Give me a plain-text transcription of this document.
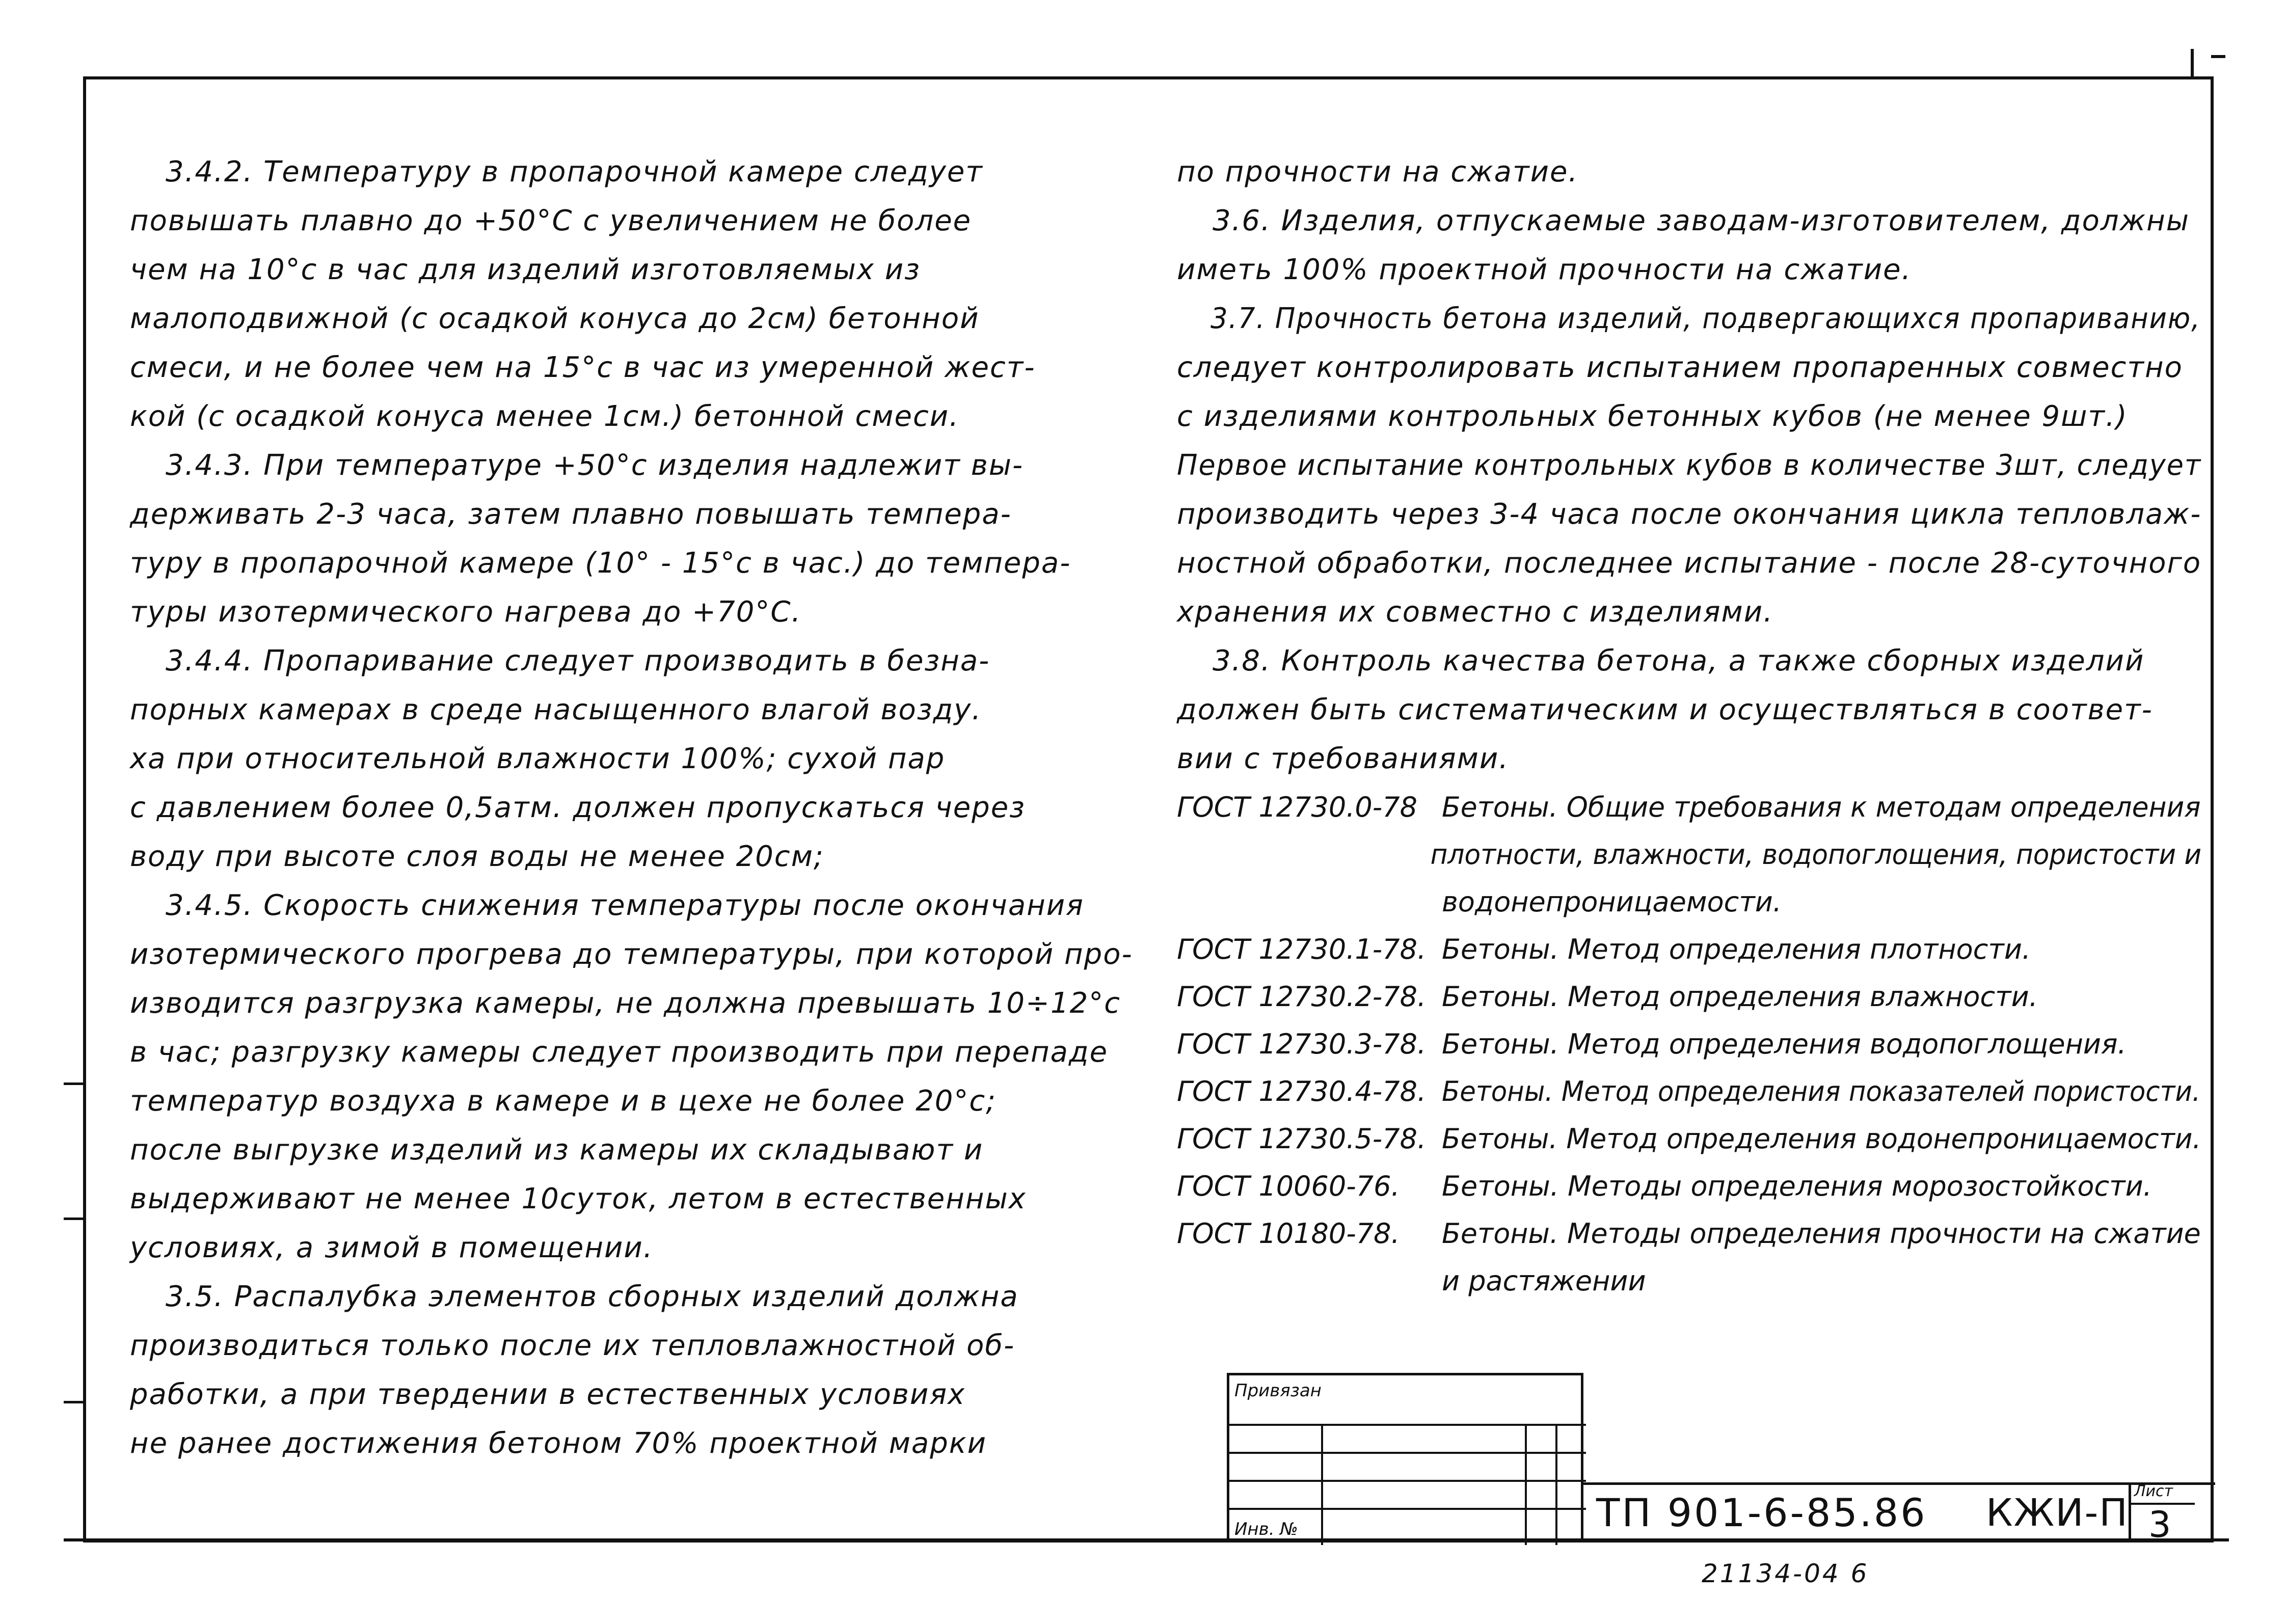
3.4.2. Температуру в пропарочной камере следует
повышать плавно до +50°С с увеличением не более
чем на 10°с в час для изделий изготовляемых из
малоподвижной (с осадкой конуса до 2см) бетонной
смеси, и не более чем на 15°с в час из умеренной жест-
кой (с осадкой конуса менее 1см.) бетонной смеси.
3.4.3. При температуре +50°с изделия надлежит вы-
держивать 2-3 часа, затем плавно повышать темпера-
туру в пропарочной камере (10° - 15°с в час.) до темпера-
туры изотермического нагрева до +70°С.
3.4.4. Пропаривание следует производить в безна-
порных камерах в среде насыщенного влагой возду.
ха при относительной влажности 100%; сухой пар
с давлением более 0,5атм. должен пропускаться через
воду при высоте слоя воды не менее 20см;
3.4.5. Скорость снижения температуры после окончания
изотермического прогрева до температуры, при которой про-
изводится разгрузка камеры, не должна превышать 10÷12°с
в час; разгрузку камеры следует производить при перепаде
температур воздуха в камере и в цехе не более 20°с;
после выгрузке изделий из камеры их складывают и
выдерживают не менее 10суток, летом в естественных
условиях, а зимой в помещении.
3.5. Распалубка элементов сборных изделий должна
производиться только после их тепловлажностной об-
работки, а при твердении в естественных условиях
не ранее достижения бетоном 70% проектной марки
по прочности на сжатие.
3.6. Изделия, отпускаемые заводам-изготовителем, должны
иметь 100% проектной прочности на сжатие.
3.7. Прочность бетона изделий, подвергающихся пропариванию,
следует контролировать испытанием пропаренных совместно
с изделиями контрольных бетонных кубов (не менее 9шт.)
Первое испытание контрольных кубов в количестве 3шт, следует
производить через 3-4 часа после окончания цикла тепловлаж-
ностной обработки, последнее испытание - после 28-суточного
хранения их совместно с изделиями.
3.8. Контроль качества бетона, а также сборных изделий
должен быть систематическим и осуществляться в соответ-
вии с требованиями.
ГОСТ 12730.0-78 Бетоны. Общие требования к методам определения
плотности, влажности, водопоглощения, пористости и
водонепроницаемости.
ГОСТ 12730.1-78. Бетоны. Метод определения плотности.
ГОСТ 12730.2-78. Бетоны. Метод определения влажности.
ГОСТ 12730.3-78. Бетоны. Метод определения водопоглощения.
ГОСТ 12730.4-78. Бетоны. Метод определения показателей пористости.
ГОСТ 12730.5-78. Бетоны. Метод определения водонепроницаемости.
ГОСТ 10060-76.	Бетоны. Методы определения морозостойкости.
ГОСТ 10180-78.	Бетоны. Методы определения прочности на сжатие
и растяжении
Привязан
Инв. №	ТП 901-6-85.86 КЖИ-П Лист
3
21134-04 6
